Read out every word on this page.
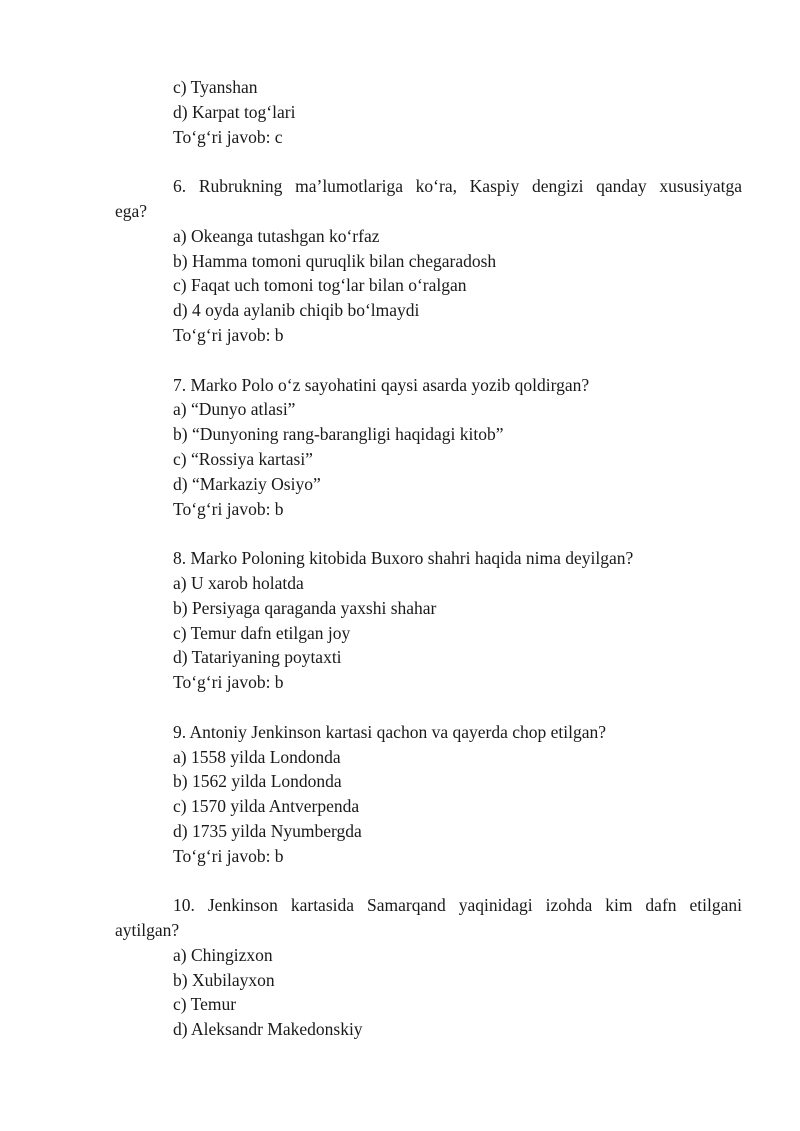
c) Tyanshan
d) Karpat tog‘lari
To‘g‘ri javob: c
6. Rubrukning ma’lumotlariga ko‘ra, Kaspiy dengizi qanday xususiyatga
ega?
a) Okeanga tutashgan ko‘rfaz
b) Hamma tomoni quruqlik bilan chegaradosh
c) Faqat uch tomoni tog‘lar bilan o‘ralgan
d) 4 oyda aylanib chiqib bo‘lmaydi
To‘g‘ri javob: b
7. Marko Polo o‘z sayohatini qaysi asarda yozib qoldirgan?
a) “Dunyo atlasi”
b) “Dunyoning rang-barangligi haqidagi kitob”
c) “Rossiya kartasi”
d) “Markaziy Osiyo”
To‘g‘ri javob: b
8. Marko Poloning kitobida Buxoro shahri haqida nima deyilgan?
a) U xarob holatda
b) Persiyaga qaraganda yaxshi shahar
c) Temur dafn etilgan joy
d) Tatariyaning poytaxti
To‘g‘ri javob: b
9. Antoniy Jenkinson kartasi qachon va qayerda chop etilgan?
a) 1558 yilda Londonda
b) 1562 yilda Londonda
c) 1570 yilda Antverpenda
d) 1735 yilda Nyumbergda
To‘g‘ri javob: b
10. Jenkinson kartasida Samarqand yaqinidagi izohda kim dafn etilgani
aytilgan?
a) Chingizxon
b) Xubilayxon
c) Temur
d) Aleksandr Makedonskiy
